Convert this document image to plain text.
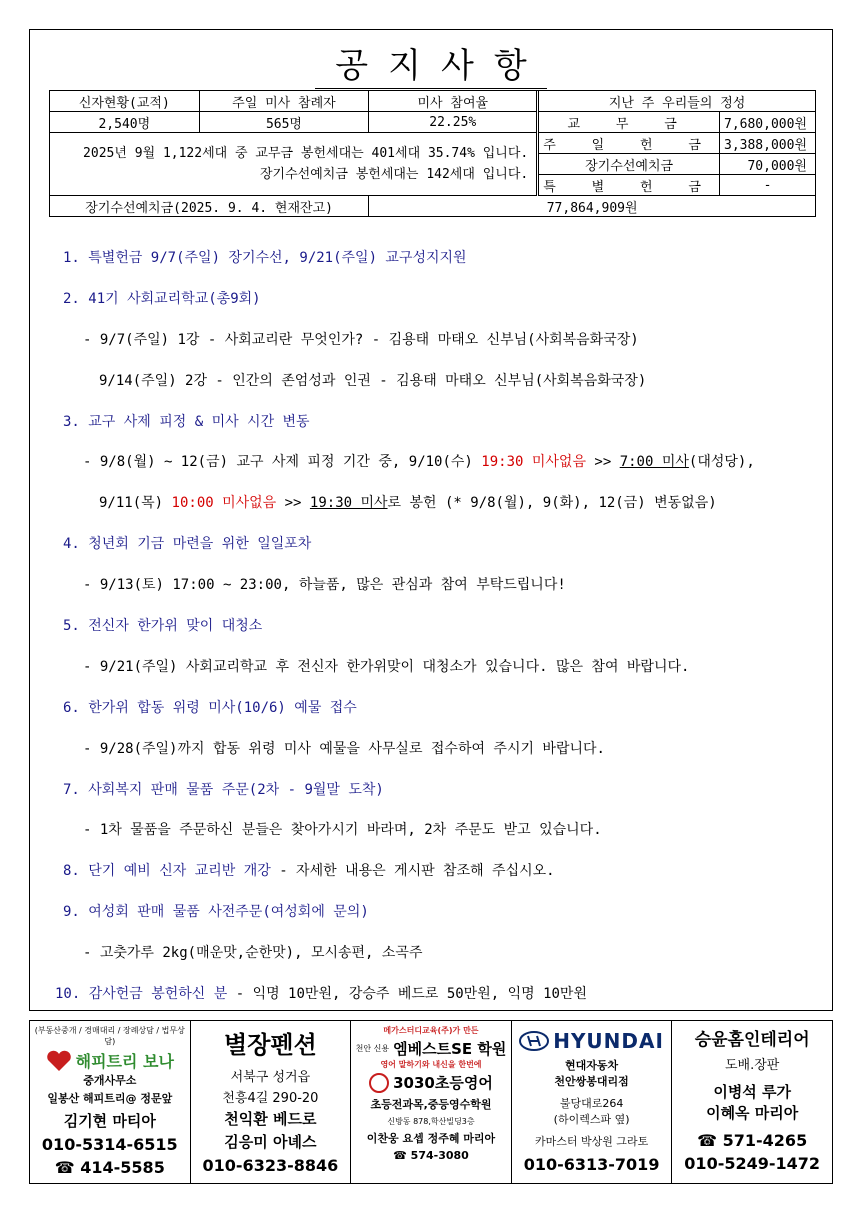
공지사항
신자현황(교적)	주일 미사 참례자	미사 참여율	지난 주 우리들의 정성	
2,540명	565명	22.25%	교 무 금	7,680,000원

2025년 9월 1,122세대 중 교무금 봉헌세대는 401세대 35.74% 입니다.
장기수선예치금 봉헌세대는 142세대 입니다.			주 일 헌 금	3,388,000원
			장기수선예치금	70,000원
			특 별 헌 금	-
장기수선예치금(2025. 9. 4. 현재잔고)		77,864,909원		
1. 특별헌금 9/7(주일) 장기수선, 9/21(주일) 교구성지지원
2. 41기 사회교리학교(총9회)
- 9/7(주일) 1강 - 사회교리란 무엇인가? - 김용태 마태오 신부님(사회복음화국장)
9/14(주일) 2강 - 인간의 존엄성과 인권 - 김용태 마태오 신부님(사회복음화국장)
3. 교구 사제 피정 & 미사 시간 변동
- 9/8(월) ~ 12(금) 교구 사제 피정 기간 중, 9/10(수) 19:30 미사없음 >> 7:00 미사(대성당),
9/11(목) 10:00 미사없음 >> 19:30 미사로 봉헌 (* 9/8(월), 9(화), 12(금) 변동없음)
4. 청년회 기금 마련을 위한 일일포차
- 9/13(토) 17:00 ~ 23:00, 하늘품, 많은 관심과 참여 부탁드립니다!
5. 전신자 한가위 맞이 대청소
- 9/21(주일) 사회교리학교 후 전신자 한가위맞이 대청소가 있습니다. 많은 참여 바랍니다.
6. 한가위 합동 위령 미사(10/6) 예물 접수
- 9/28(주일)까지 합동 위령 미사 예물을 사무실로 접수하여 주시기 바랍니다.
7. 사회복지 판매 물품 주문(2차 - 9월말 도착)
- 1차 물품을 주문하신 분들은 찾아가시기 바라며, 2차 주문도 받고 있습니다.
8. 단기 예비 신자 교리반 개강 - 자세한 내용은 게시판 참조해 주십시오.
9. 여성회 판매 물품 사전주문(여성회에 문의)
- 고춧가루 2kg(매운맛,순한맛), 모시송편, 소곡주
10. 감사헌금 봉헌하신 분 - 익명 10만원, 강승주 베드로 50만원, 익명 10만원
(부동산중개 / 경매대리 / 장례상담 / 법무상담)
해피트리 보나
중개사무소
일봉산 해피트리@ 정문앞
김기현 마티아
010-5314-6515
☎ 414-5585
별장펜션
서북구 성거읍
천흥4길 290-20
천익환 베드로
김응미 아녜스
010-6323-8846
메가스터디교육(주)가 만든
천안 신용 엠베스트SE 학원
영어 말하기와 내신을 한번에
3030초등영어
초등전과목,중등영수학원
신방동 878,학산빌딩3층
이찬웅 요셉 정주혜 마리아
☎ 574-3080
HYUNDAI
현대자동차
천안쌍봉대리점
불당대로264
(하이렉스파 옆)
카마스터 박상원 그라토
010-6313-7019
승윤홈인테리어
도배.장판
이병석 루가
이혜옥 마리아
☎ 571-4265
010-5249-1472
